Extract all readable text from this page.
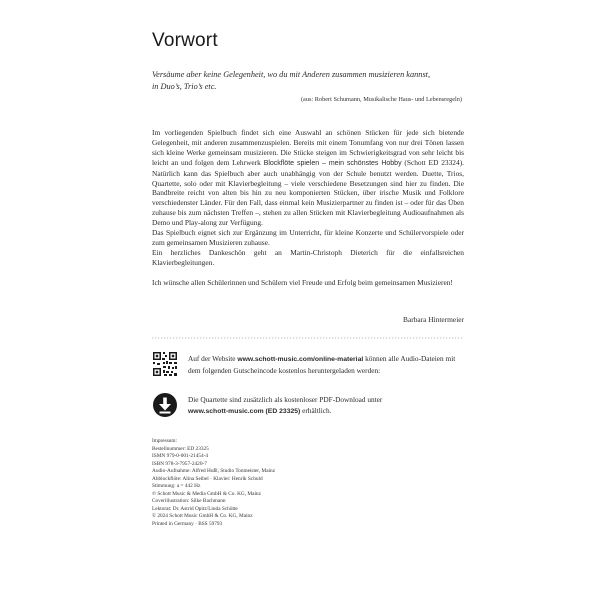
Vorwort
Versäume aber keine Gelegenheit, wo du mit Anderen zusammen musizieren kannst,
in Duo’s, Trio’s etc.
(aus: Robert Schumann, Musikalische Haus- und Lebensregeln)

Im vorliegenden Spielbuch findet sich eine Auswahl an schönen Stücken für jede sich bietende Gelegenheit, mit anderen zusammenzuspielen. Bereits mit einem Tonumfang von nur drei Tönen lassen sich kleine Werke gemeinsam musizieren. Die Stücke steigen im Schwierigkeitsgrad von sehr leicht bis leicht an und folgen dem Lehrwerk Blockflöte spielen – mein schönstes Hobby (Schott ED 23324). Natürlich kann das Spielbuch aber auch unabhängig von der Schule benutzt werden. Duette, Trios, Quartette, solo oder mit Klavierbegleitung – viele verschiedene Besetzungen sind hier zu finden. Die Bandbreite reicht von alten bis hin zu neu komponierten Stücken, über irische Musik und Folklore verschiedenster Länder. Für den Fall, dass einmal kein Musizierpartner zu finden ist – oder für das Üben zuhause bis zum nächsten Treffen –, stehen zu allen Stücken mit Klavierbegleitung Audioaufnahmen als Demo und Play-along zur Verfügung.

Das Spielbuch eignet sich zur Ergänzung im Unterricht, für kleine Konzerte und Schülervorspiele oder zum gemeinsamen Musizieren zuhause.

Ein herzliches Dankeschön geht an Martin-Christoph Dieterich für die einfallsreichen Klavierbegleitungen.

Ich wünsche allen Schülerinnen und Schülern viel Freude und Erfolg beim gemeinsamen Musizieren!

Barbara Hintermeier
Auf der Website www.schott-music.com/online-material können alle Audio-Dateien mit dem folgenden Gutscheincode kostenlos heruntergeladen werden:
Die Quartette sind zusätzlich als kostenloser PDF-Download unter
www.schott-music.com (ED 23325) erhältlich.
Impressum:
Bestellnummer: ED 23325
ISMN 979-0-001-21454-4
ISBN 978-3-7957-2420-7
Audio-Aufnahme: Alfred Hußl, Studio Tonmeister, Mainz
Abblockflöte: Alina Seibel · Klavier: Henrik Schuld
Stimmung: a = 442 Hz
℗ Schott Music & Media GmbH & Co. KG, Mainz
Coverillustration: Silke Bachmann
Lektorat: Dr. Astrid Opitz/Linda Schütte
© 2024 Schott Music GmbH & Co. KG, Mainz
Printed in Germany · BSS 59793
